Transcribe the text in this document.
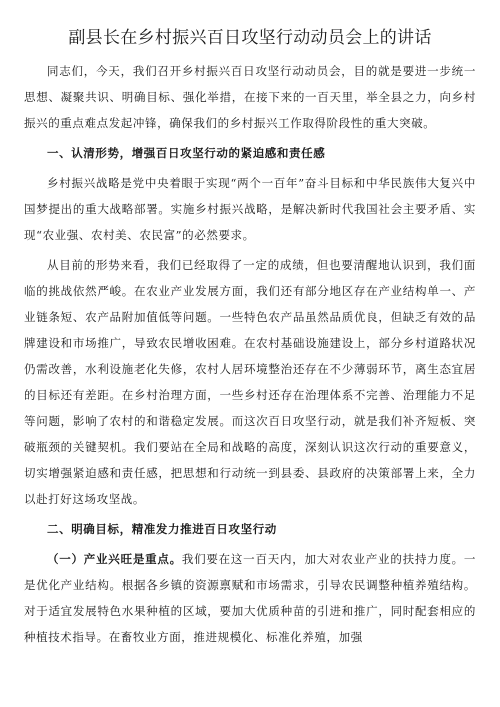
副县长在乡村振兴百日攻坚行动动员会上的讲话

同志们，今天，我们召开乡村振兴百日攻坚行动动员会，目的就是要进一步统一思想、凝聚共识、明确目标、强化举措，在接下来的一百天里，举全县之力，向乡村振兴的重点难点发起冲锋，确保我们的乡村振兴工作取得阶段性的重大突破。

一、认清形势，增强百日攻坚行动的紧迫感和责任感

乡村振兴战略是党中央着眼于实现“两个一百年”奋斗目标和中华民族伟大复兴中国梦提出的重大战略部署。实施乡村振兴战略，是解决新时代我国社会主要矛盾、实现“农业强、农村美、农民富”的必然要求。

从目前的形势来看，我们已经取得了一定的成绩，但也要清醒地认识到，我们面临的挑战依然严峻。在农业产业发展方面，我们还有部分地区存在产业结构单一、产业链条短、农产品附加值低等问题。一些特色农产品虽然品质优良，但缺乏有效的品牌建设和市场推广，导致农民增收困难。在农村基础设施建设上，部分乡村道路状况仍需改善，水利设施老化失修，农村人居环境整治还存在不少薄弱环节，离生态宜居的目标还有差距。在乡村治理方面，一些乡村还存在治理体系不完善、治理能力不足等问题，影响了农村的和谐稳定发展。而这次百日攻坚行动，就是我们补齐短板、突破瓶颈的关键契机。我们要站在全局和战略的高度，深刻认识这次行动的重要意义，切实增强紧迫感和责任感，把思想和行动统一到县委、县政府的决策部署上来，全力以赴打好这场攻坚战。

二、明确目标，精准发力推进百日攻坚行动

（一）产业兴旺是重点。我们要在这一百天内，加大对农业产业的扶持力度。一是优化产业结构。根据各乡镇的资源禀赋和市场需求，引导农民调整种植养殖结构。对于适宜发展特色水果种植的区域，要加大优质种苗的引进和推广，同时配套相应的种植技术指导。在畜牧业方面，推进规模化、标准化养殖，加强
